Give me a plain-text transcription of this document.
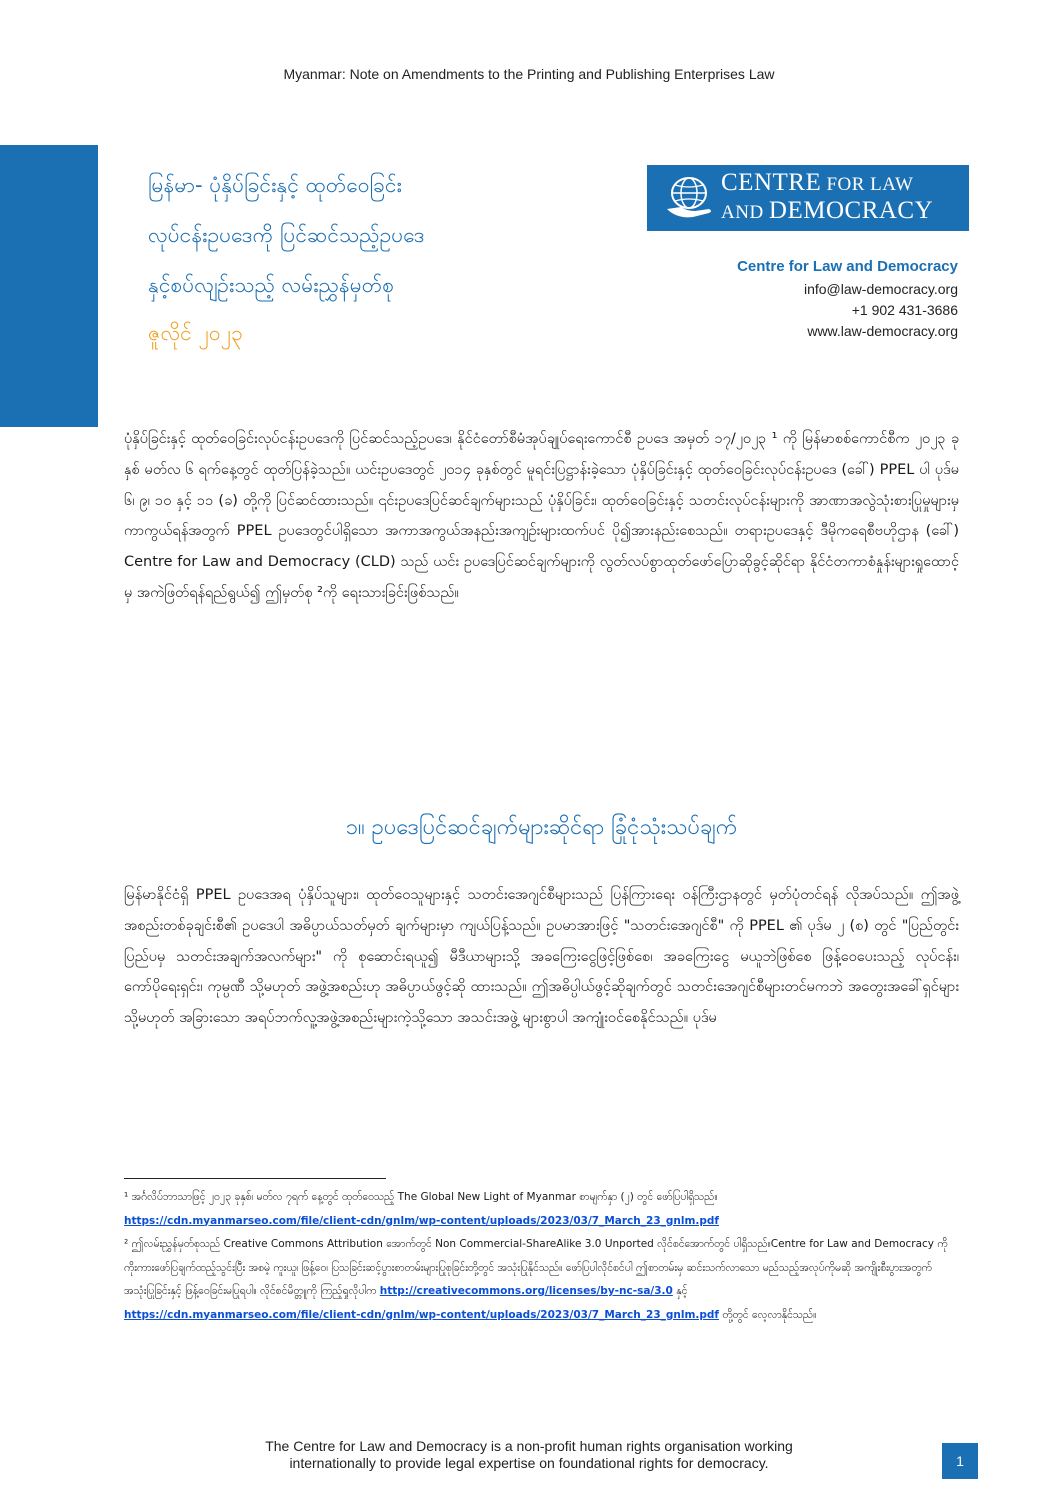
Myanmar: Note on Amendments to the Printing and Publishing Enterprises Law
မြန်မာ- ပုံနှိပ်ခြင်းနှင့် ထုတ်ဝေခြင်း
လုပ်ငန်းဥပဒေကို ပြင်ဆင်သည့်ဥပဒေ
နှင့်စပ်လျဉ်းသည့် လမ်းညွှန်မှတ်စု
ဇူလိုင် ၂၀၂၃
CENTRE FOR LAW
AND DEMOCRACY
Centre for Law and Democracy
info@law-democracy.org
+1 902 431-3686
www.law-democracy.org

ပုံနှိပ်ခြင်းနှင့် ထုတ်ဝေခြင်းလုပ်ငန်းဥပဒေကို ပြင်ဆင်သည့်ဥပဒေ၊ နိုင်ငံတော်စီမံအုပ်ချုပ်ရေးကောင်စီ ဥပဒေ အမှတ် ၁၇/၂၀၂၃ ¹ ကို မြန်မာစစ်ကောင်စီက ၂၀၂၃ ခုနှစ် မတ်လ ၆ ရက်နေ့တွင် ထုတ်ပြန်ခဲ့သည်။ ယင်းဥပဒေတွင် ၂၀၁၄ ခုနှစ်တွင် မူရင်းပြဋ္ဌာန်းခဲ့သော ပုံနှိပ်ခြင်းနှင့် ထုတ်ဝေခြင်းလုပ်ငန်းဥပဒေ (ခေါ်) PPEL ပါ ပုဒ်မ ၆၊ ၉၊ ၁၀ နှင့် ၁၁ (ခ) တို့ကို ပြင်ဆင်ထားသည်။ ၎င်းဥပဒေပြင်ဆင်ချက်များသည် ပုံနှိပ်ခြင်း၊ ထုတ်ဝေခြင်းနှင့် သတင်းလုပ်ငန်းများကို အာဏာအလွဲသုံးစားပြုမှုများမှ ကာကွယ်ရန်အတွက် PPEL ဥပဒေတွင်ပါရှိသော အကာအကွယ်အနည်းအကျဉ်းများထက်ပင် ပို၍အားနည်းစေသည်။ တရားဥပဒေနှင့် ဒီမိုကရေစီဗဟိုဌာန (ခေါ်) Centre for Law and Democracy (CLD) သည် ယင်း ဥပဒေပြင်ဆင်ချက်များကို လွတ်လပ်စွာထုတ်ဖော်ပြောဆိုခွင့်ဆိုင်ရာ နိုင်ငံတကာစံနှုန်းများရှုထောင့်မှ အကဲဖြတ်ရန်ရည်ရွယ်၍ ဤမှတ်စု ²ကို ရေးသားခြင်းဖြစ်သည်။

၁။ ဥပဒေပြင်ဆင်ချက်များဆိုင်ရာ ခြုံငုံသုံးသပ်ချက်

မြန်မာနိုင်ငံရှိ PPEL ဥပဒေအရ ပုံနှိပ်သူများ၊ ထုတ်ဝေသူများနှင့် သတင်းအေဂျင်စီများသည် ပြန်ကြားရေး ဝန်ကြီးဌာနတွင် မှတ်ပုံတင်ရန် လိုအပ်သည်။ ဤအဖွဲ့အစည်းတစ်ခုချင်းစီ၏ ဥပဒေပါ အဓိပ္ပာယ်သတ်မှတ် ချက်များမှာ ကျယ်ပြန့်သည်။ ဥပမာအားဖြင့် "သတင်းအေဂျင်စီ" ကို PPEL ၏ ပုဒ်မ ၂ (စ) တွင် "ပြည်တွင်း ပြည်ပမှ သတင်းအချက်အလက်များ" ကို စုဆောင်းရယူ၍ မီဒီယာများသို့ အခကြေးငွေဖြင့်ဖြစ်စေ၊ အခကြေးငွေ မယူဘဲဖြစ်စေ ဖြန့်ဝေပေးသည့် လုပ်ငန်း၊ ကော်ပိုရေးရှင်း၊ ကုမ္ပဏီ သို့မဟုတ် အဖွဲ့အစည်းဟု အဓိပ္ပာယ်ဖွင့်ဆို ထားသည်။ ဤအဓိပ္ပါယ်ဖွင့်ဆိုချက်တွင် သတင်းအေဂျင်စီများတင်မကဘဲ အတွေးအခေါ်ရှင်များ သို့မဟုတ် အခြားသော အရပ်ဘက်လူ့အဖွဲ့အစည်းများကဲ့သို့သော အသင်းအဖွဲ့ များစွာပါ အကျုံးဝင်စေနိုင်သည်။ ပုဒ်မ

¹ အင်္ဂလိပ်ဘာသာဖြင့် ၂၀၂၃ ခုနှစ်၊ မတ်လ ၇ရက် နေ့တွင် ထုတ်ဝေသည့် The Global New Light of Myanmar စာမျက်နှာ (၂) တွင် ဖော်ပြပါရှိသည်။
https://cdn.myanmarseo.com/file/client-cdn/gnlm/wp-content/uploads/2023/03/7_March_23_gnlm.pdf

² ဤလမ်းညွှန်မှတ်စုသည် Creative Commons Attribution အောက်တွင် Non Commercial-ShareAlike 3.0 Unported လိုင်စင်အောက်တွင် ပါရှိသည်။Centre for Law and Democracy ကို ကိုးကားဖော်ပြချက်ထည့်သွင်းပြီး အစမဲ့ ကူးယူ၊ ဖြန့်ဝေ၊ ပြသခြင်းဆင့်ပွားစာတမ်းများပြုစုခြင်းတို့တွင် အသုံးပြုနိုင်သည်။ ဖော်ပြပါလိုင်စင်ပါ ဤစာတမ်းမှ ဆင်းသက်လာသော မည်သည့်အလုပ်ကိုမဆို အကျိုးစီးပွားအတွက် အသုံးပြုခြင်းနှင့် ဖြန့်ဝေခြင်းမပြုရပါ။ လိုင်စင်မိတ္တူကို ကြည့်ရှုလိုပါက http://creativecommons.org/licenses/by-nc-sa/3.0 နှင့်
https://cdn.myanmarseo.com/file/client-cdn/gnlm/wp-content/uploads/2023/03/7_March_23_gnlm.pdf တို့တွင် လေ့လာနိုင်သည်။

The Centre for Law and Democracy is a non-profit human rights organisation working
internationally to provide legal expertise on foundational rights for democracy.	1
